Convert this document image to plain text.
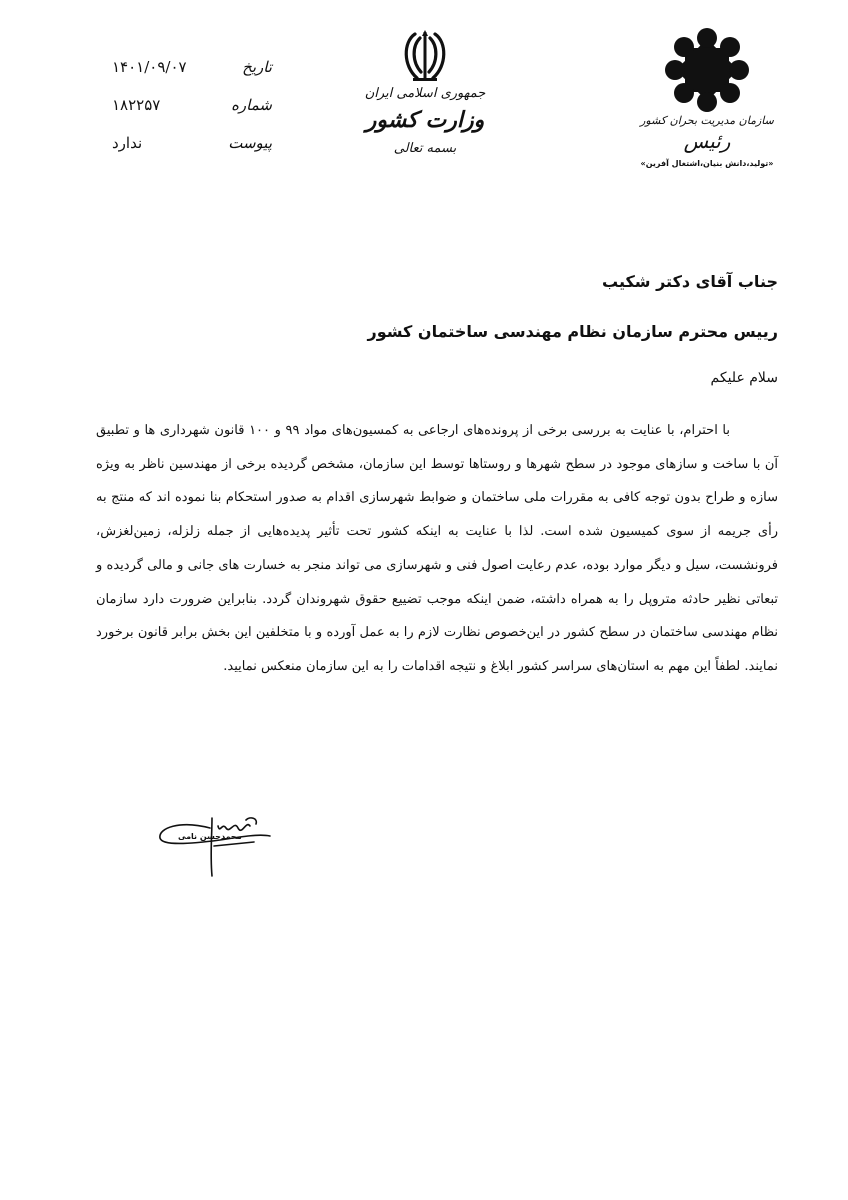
تاریخ
۱۴۰۱/۰۹/۰۷
شماره
۱۸۲۲۵۷
پیوست
ندارد
جمهوری اسلامی ایران
وزارت کشور
بسمه تعالی
سازمان مدیریت بحران کشور
رئیس
«تولید،دانش بنیان،اشتغال آفرین»
جناب آقای دکتر شکیب
رییس محترم سازمان نظام مهندسی ساختمان کشور
سلام علیکم
با احترام، با عنایت به بررسی برخی از پرونده‌های ارجاعی به کمسیون‌های مواد ۹۹ و ۱۰۰ قانون شهرداری ها و تطبیق آن با ساخت و سازهای موجود در سطح شهرها و روستاها توسط این سازمان، مشخص گردیده برخی از مهندسین ناظر به ویژه سازه و طراح بدون توجه کافی به مقررات ملی ساختمان و ضوابط شهرسازی اقدام به صدور استحکام بنا نموده اند که منتج به رأی جریمه از سوی کمیسیون شده است. لذا با عنایت به اینکه کشور تحت تأثیر پدیده‌هایی از جمله زلزله، زمین‌لغزش، فرونشست، سیل و دیگر موارد بوده، عدم رعایت اصول فنی و شهرسازی می تواند منجر به خسارت های جانی و مالی گردیده و تبعاتی نظیر حادثه متروپل را به همراه داشته، ضمن اینکه موجب تضییع حقوق شهروندان گردد. بنابراین ضرورت دارد سازمان نظام مهندسی ساختمان در سطح کشور در این‌خصوص نظارت لازم را به عمل آورده و با متخلفین این بخش برابر قانون برخورد نمایند. لطفاً این مهم به استان‌های سراسر کشور ابلاغ و نتیجه اقدامات را به این سازمان منعکس نمایید.
محمدحسن نامی
